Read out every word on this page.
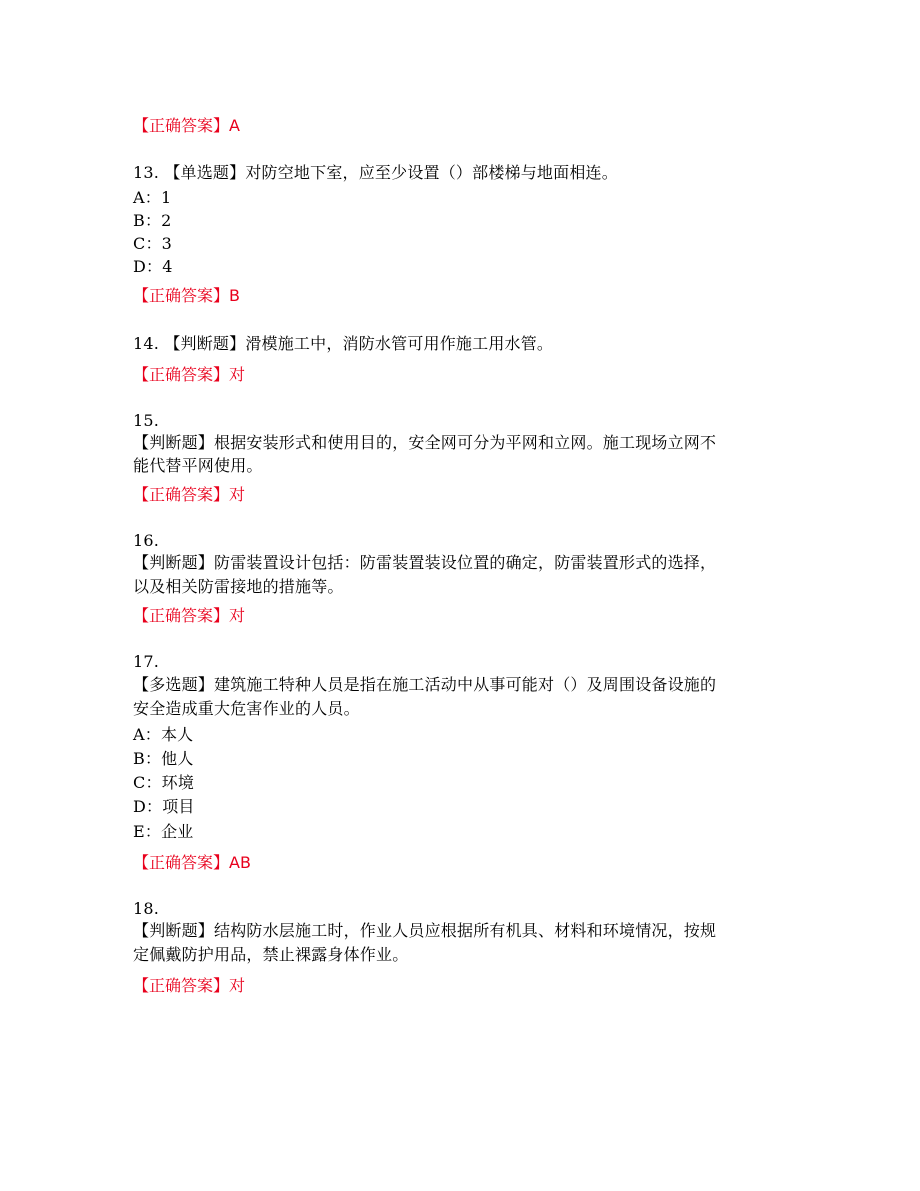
【正确答案】A
13. 【单选题】对防空地下室，应至少设置（）部楼梯与地面相连。
A：1
B：2
C：3
D：4
【正确答案】B
14. 【判断题】滑模施工中，消防水管可用作施工用水管。
【正确答案】对
15.
【判断题】根据安装形式和使用目的，安全网可分为平网和立网。施工现场立网不
能代替平网使用。
【正确答案】对
16.
【判断题】防雷装置设计包括：防雷装置装设位置的确定，防雷装置形式的选择，
以及相关防雷接地的措施等。
【正确答案】对
17.
【多选题】建筑施工特种人员是指在施工活动中从事可能对（）及周围设备设施的
安全造成重大危害作业的人员。
A：本人
B：他人
C：环境
D：项目
E：企业
【正确答案】AB
18.
【判断题】结构防水层施工时，作业人员应根据所有机具、材料和环境情况，按规
定佩戴防护用品，禁止裸露身体作业。
【正确答案】对
